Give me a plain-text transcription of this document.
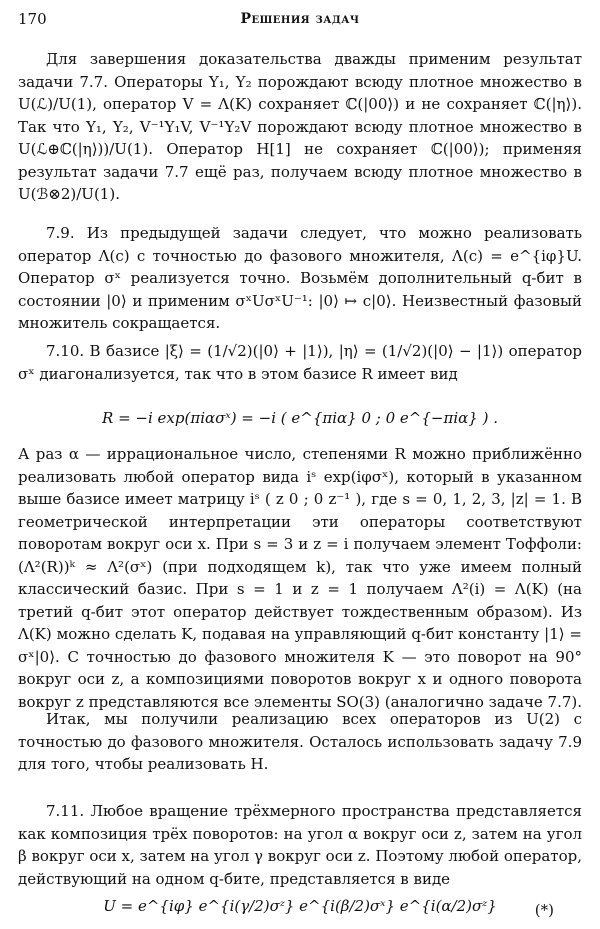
170	Решения задач
Для завершения доказательства дважды применим результат задачи 7.7. Операторы Y₁, Y₂ порождают всюду плотное множество в U(ℒ)/U(1), оператор V = Λ(K) сохраняет ℂ(|00⟩) и не сохраняет ℂ(|η⟩). Так что Y₁, Y₂, V⁻¹Y₁V, V⁻¹Y₂V порождают всюду плотное множество в U(ℒ⊕ℂ(|η⟩))/U(1). Оператор H[1] не сохраняет ℂ(|00⟩); применяя результат задачи 7.7 ещё раз, получаем всюду плотное множество в U(ℬ⊗2)/U(1).
7.9. Из предыдущей задачи следует, что можно реализовать оператор Λ(c) с точностью до фазового множителя, Λ(c) = e^{iφ}U. Оператор σˣ реализуется точно. Возьмём дополнительный q-бит в состоянии |0⟩ и применим σˣUσˣU⁻¹: |0⟩ ↦ c|0⟩. Неизвестный фазовый множитель сокращается.
7.10. В базисе |ξ⟩ = (1/√2)(|0⟩ + |1⟩), |η⟩ = (1/√2)(|0⟩ − |1⟩) оператор σˣ диагонализуется, так что в этом базисе R имеет вид
R = −i exp(πiασˣ) = −i ( e^{πiα} 0 ; 0 e^{−πiα} ) .
А раз α — иррациональное число, степенями R можно приближённо реализовать любой оператор вида iˢ exp(iφσˣ), который в указанном выше базисе имеет матрицу iˢ ( z 0 ; 0 z⁻¹ ), где s = 0, 1, 2, 3, |z| = 1. В геометрической интерпретации эти операторы соответствуют поворотам вокруг оси x. При s = 3 и z = i получаем элемент Тоффоли: (Λ²(R))ᵏ ≈ Λ²(σˣ) (при подходящем k), так что уже имеем полный классический базис. При s = 1 и z = 1 получаем Λ²(i) = Λ(K) (на третий q-бит этот оператор действует тождественным образом). Из Λ(K) можно сделать K, подавая на управляющий q-бит константу |1⟩ = σˣ|0⟩. С точностью до фазового множителя K — это поворот на 90° вокруг оси z, а композициями поворотов вокруг x и одного поворота вокруг z представляются все элементы SO(3) (аналогично задаче 7.7).
Итак, мы получили реализацию всех операторов из U(2) с точностью до фазового множителя. Осталось использовать задачу 7.9 для того, чтобы реализовать H.
7.11. Любое вращение трёхмерного пространства представляется как композиция трёх поворотов: на угол α вокруг оси z, затем на угол β вокруг оси x, затем на угол γ вокруг оси z. Поэтому любой оператор, действующий на одном q-бите, представляется в виде
U = e^{iφ} e^{i(γ/2)σᶻ} e^{i(β/2)σˣ} e^{i(α/2)σᶻ}	(*)
